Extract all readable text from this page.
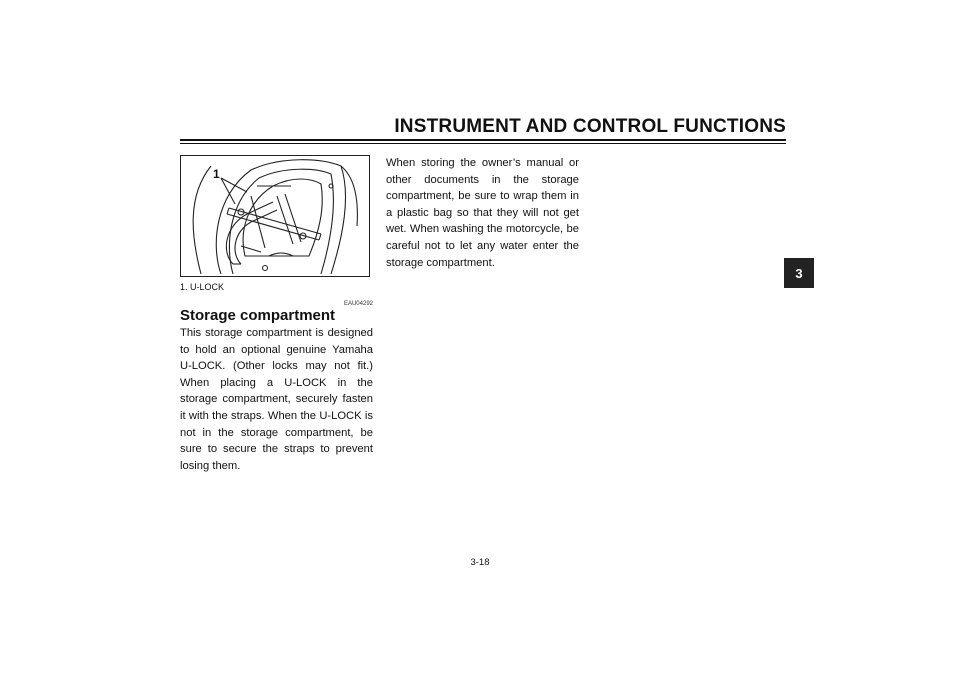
INSTRUMENT AND CONTROL FUNCTIONS
3
1
1. U-LOCK
EAU04292
Storage compartment
This storage compartment is designed to hold an optional genuine Yamaha U-LOCK. (Other locks may not fit.) When placing a U-LOCK in the storage compartment, securely fasten it with the straps. When the U-LOCK is not in the storage compartment, be sure to secure the straps to prevent losing them.
When storing the owner’s manual or other documents in the storage compartment, be sure to wrap them in a plastic bag so that they will not get wet. When washing the motorcycle, be careful not to let any water enter the storage compartment.
3-18
